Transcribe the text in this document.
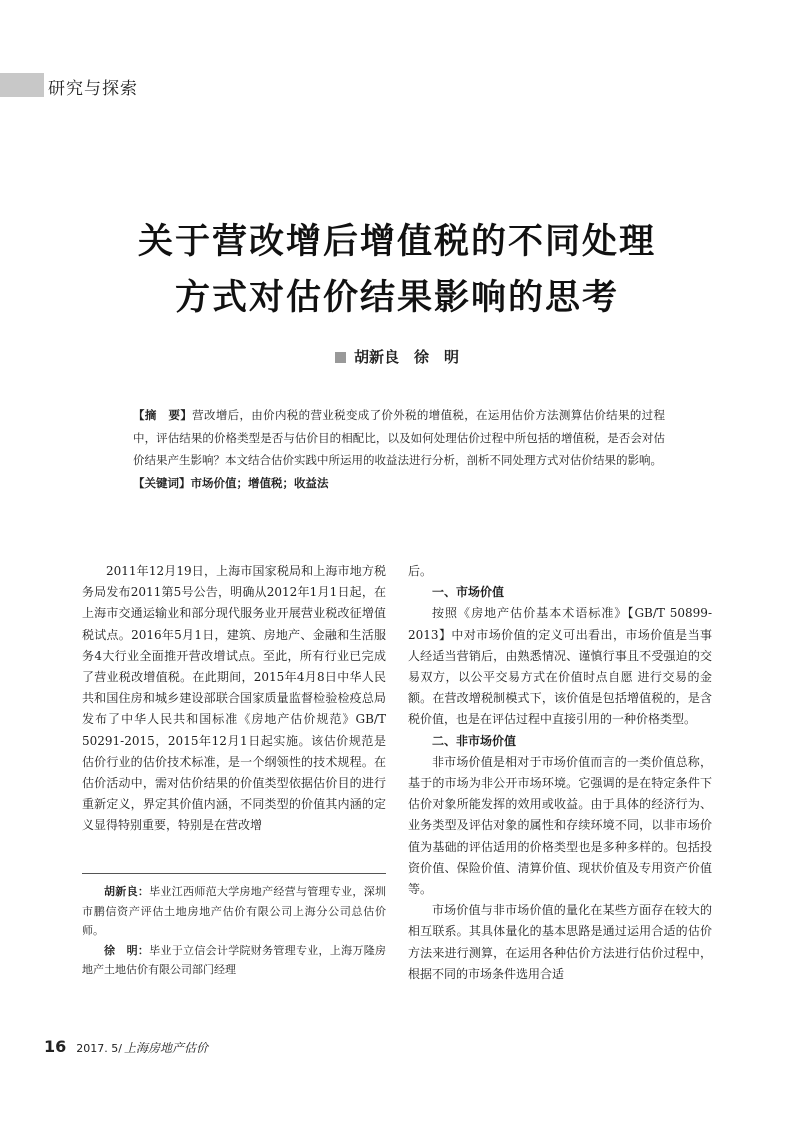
研究与探索
关于营改增后增值税的不同处理
方式对估价结果影响的思考
胡新良　徐　明

【摘　要】营改增后，由价内税的营业税变成了价外税的增值税，在运用估价方法测算估价结果的过程中，评估结果的价格类型是否与估价目的相配比，以及如何处理估价过程中所包括的增值税，是否会对估价结果产生影响？本文结合估价实践中所运用的收益法进行分析，剖析不同处理方式对估价结果的影响。

【关键词】市场价值；增值税；收益法

2011年12月19日，上海市国家税局和上海市地方税务局发布2011第5号公告，明确从2012年1月1日起，在上海市交通运输业和部分现代服务业开展营业税改征增值税试点。2016年5月1日，建筑、房地产、金融和生活服务4大行业全面推开营改增试点。至此，所有行业已完成了营业税改增值税。在此期间，2015年4月8日中华人民共和国住房和城乡建设部联合国家质量监督检验检疫总局发布了中华人民共和国标准《房地产估价规范》GB/T 50291-2015，2015年12月1日起实施。该估价规范是估价行业的估价技术标准，是一个纲领性的技术规程。在估价活动中，需对估价结果的价值类型依据估价目的进行重新定义，界定其价值内涵，不同类型的价值其内涵的定义显得特别重要，特别是在营改增

后。

一、市场价值

按照《房地产估价基本术语标准》【GB/T 50899-2013】中对市场价值的定义可出看出，市场价值是当事人经适当营销后，由熟悉情况、谨慎行事且不受强迫的交易双方，以公平交易方式在价值时点自愿 进行交易的金额。在营改增税制模式下，该价值是包括增值税的，是含税价值，也是在评估过程中直接引用的一种价格类型。

二、非市场价值

非市场价值是相对于市场价值而言的一类价值总称，基于的市场为非公开市场环境。它强调的是在特定条件下估价对象所能发挥的效用或收益。由于具体的经济行为、业务类型及评估对象的属性和存续环境不同，以非市场价值为基础的评估适用的价格类型也是多种多样的。包括投资价值、保险价值、清算价值、现状价值及专用资产价值等。

市场价值与非市场价值的量化在某些方面存在较大的相互联系。其具体量化的基本思路是通过运用合适的估价方法来进行测算，在运用各种估价方法进行估价过程中，根据不同的市场条件选用合适

胡新良：毕业江西师范大学房地产经营与管理专业，深圳市鹏信资产评估土地房地产估价有限公司上海分公司总估价师。

徐　明：毕业于立信会计学院财务管理专业，上海万隆房地产土地估价有限公司部门经理

16 2017. 5/ 上海房地产估价
